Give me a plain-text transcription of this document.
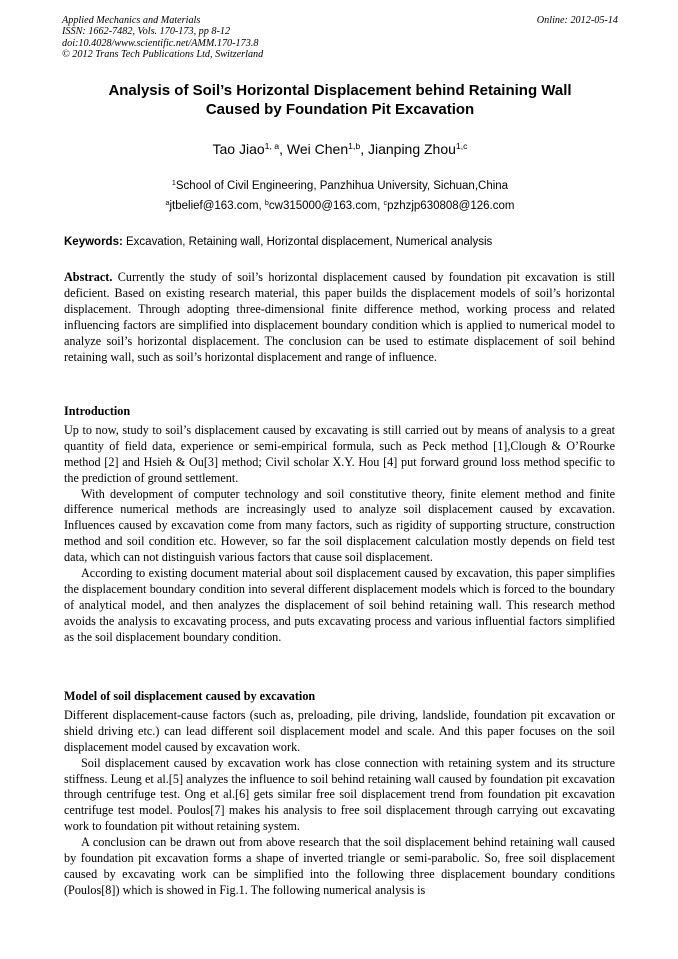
Applied Mechanics and Materials
ISSN: 1662-7482, Vols. 170-173, pp 8-12
doi:10.4028/www.scientific.net/AMM.170-173.8
© 2012 Trans Tech Publications Ltd, Switzerland
Online: 2012-05-14
Analysis of Soil’s Horizontal Displacement behind Retaining Wall
Caused by Foundation Pit Excavation
Tao Jiao$^{1, a}$, Wei Chen$^{1,b}$, Jianping Zhou$^{1,c}$
$^1$School of Civil Engineering, Panzhihua University, Sichuan,China
$^a$jtbelief@163.com, $^b$cw315000@163.com, $^c$pzhzjp630808@126.com
Keywords: Excavation, Retaining wall, Horizontal displacement, Numerical analysis

Abstract. Currently the study of soil’s horizontal displacement caused by foundation pit excavation is still deficient. Based on existing research material, this paper builds the displacement models of soil’s horizontal displacement. Through adopting three-dimensional finite difference method, working process and related influencing factors are simplified into displacement boundary condition which is applied to numerical model to analyze soil’s horizontal displacement. The conclusion can be used to estimate displacement of soil behind retaining wall, such as soil’s horizontal displacement and range of influence.

Introduction

Up to now, study to soil’s displacement caused by excavating is still carried out by means of analysis to a great quantity of field data, experience or semi-empirical formula, such as Peck method [1],Clough & O’Rourke method [2] and Hsieh & Ou[3] method; Civil scholar X.Y. Hou [4] put forward ground loss method specific to the prediction of ground settlement.

With development of computer technology and soil constitutive theory, finite element method and finite difference numerical methods are increasingly used to analyze soil displacement caused by excavation. Influences caused by excavation come from many factors, such as rigidity of supporting structure, construction method and soil condition etc. However, so far the soil displacement calculation mostly depends on field test data, which can not distinguish various factors that cause soil displacement.

According to existing document material about soil displacement caused by excavation, this paper simplifies the displacement boundary condition into several different displacement models which is forced to the boundary of analytical model, and then analyzes the displacement of soil behind retaining wall. This research method avoids the analysis to excavating process, and puts excavating process and various influential factors simplified as the soil displacement boundary condition.

Model of soil displacement caused by excavation

Different displacement-cause factors (such as, preloading, pile driving, landslide, foundation pit excavation or shield driving etc.) can lead different soil displacement model and scale. And this paper focuses on the soil displacement model caused by excavation work.

Soil displacement caused by excavation work has close connection with retaining system and its structure stiffness. Leung et al.[5] analyzes the influence to soil behind retaining wall caused by foundation pit excavation through centrifuge test. Ong et al.[6] gets similar free soil displacement trend from foundation pit excavation centrifuge test model. Poulos[7] makes his analysis to free soil displacement through carrying out excavating work to foundation pit without retaining system.

A conclusion can be drawn out from above research that the soil displacement behind retaining wall caused by foundation pit excavation forms a shape of inverted triangle or semi-parabolic. So, free soil displacement caused by excavating work can be simplified into the following three displacement boundary conditions (Poulos[8]) which is showed in Fig.1. The following numerical analysis is
